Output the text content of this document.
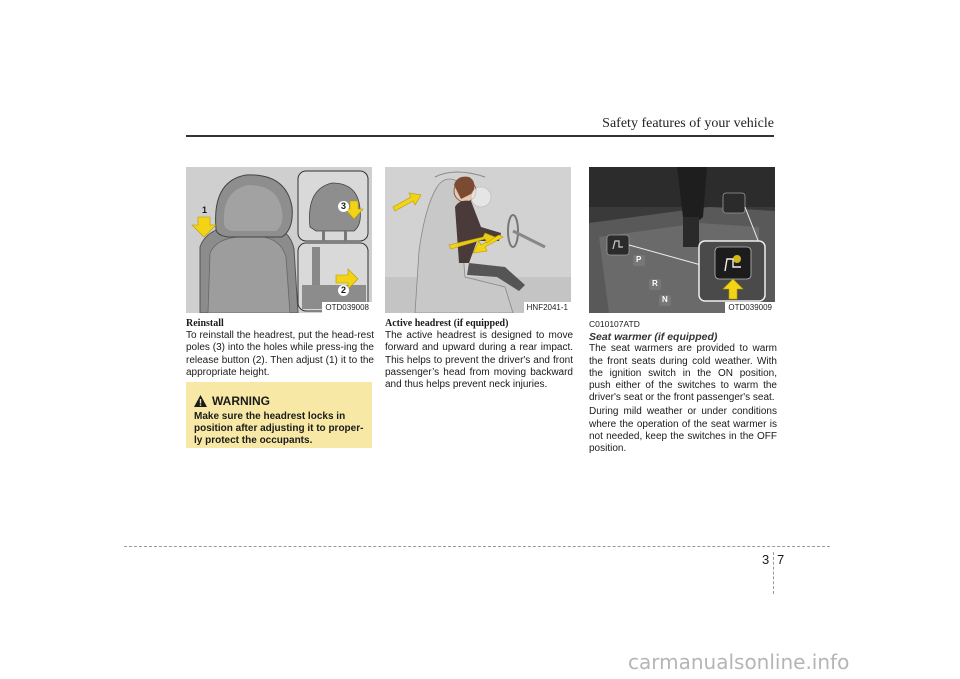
Safety features of your vehicle
1	3
2
OTD039008	HNF2041-1
P
R
N
OTD039009
Reinstall

To reinstall the headrest, put the head-rest poles (3) into the holes while press-ing the release button (2). Then adjust (1) it to the appropriate height.

WARNING
Make sure the headrest locks in position after adjusting it to proper-ly protect the occupants.
Active headrest (if equipped)

The active headrest is designed to move forward and upward during a rear impact. This helps to prevent the driver's and front passenger’s head from moving backward and thus helps prevent neck injuries.

C010107ATD
Seat warmer (if equipped)

The seat warmers are provided to warm the front seats during cold weather. With the ignition switch in the ON position, push either of the switches to warm the driver's seat or the front passenger's seat.

During mild weather or under conditions where the operation of the seat warmer is not needed, keep the switches in the OFF position.

3 7
carmanualsonline.info
